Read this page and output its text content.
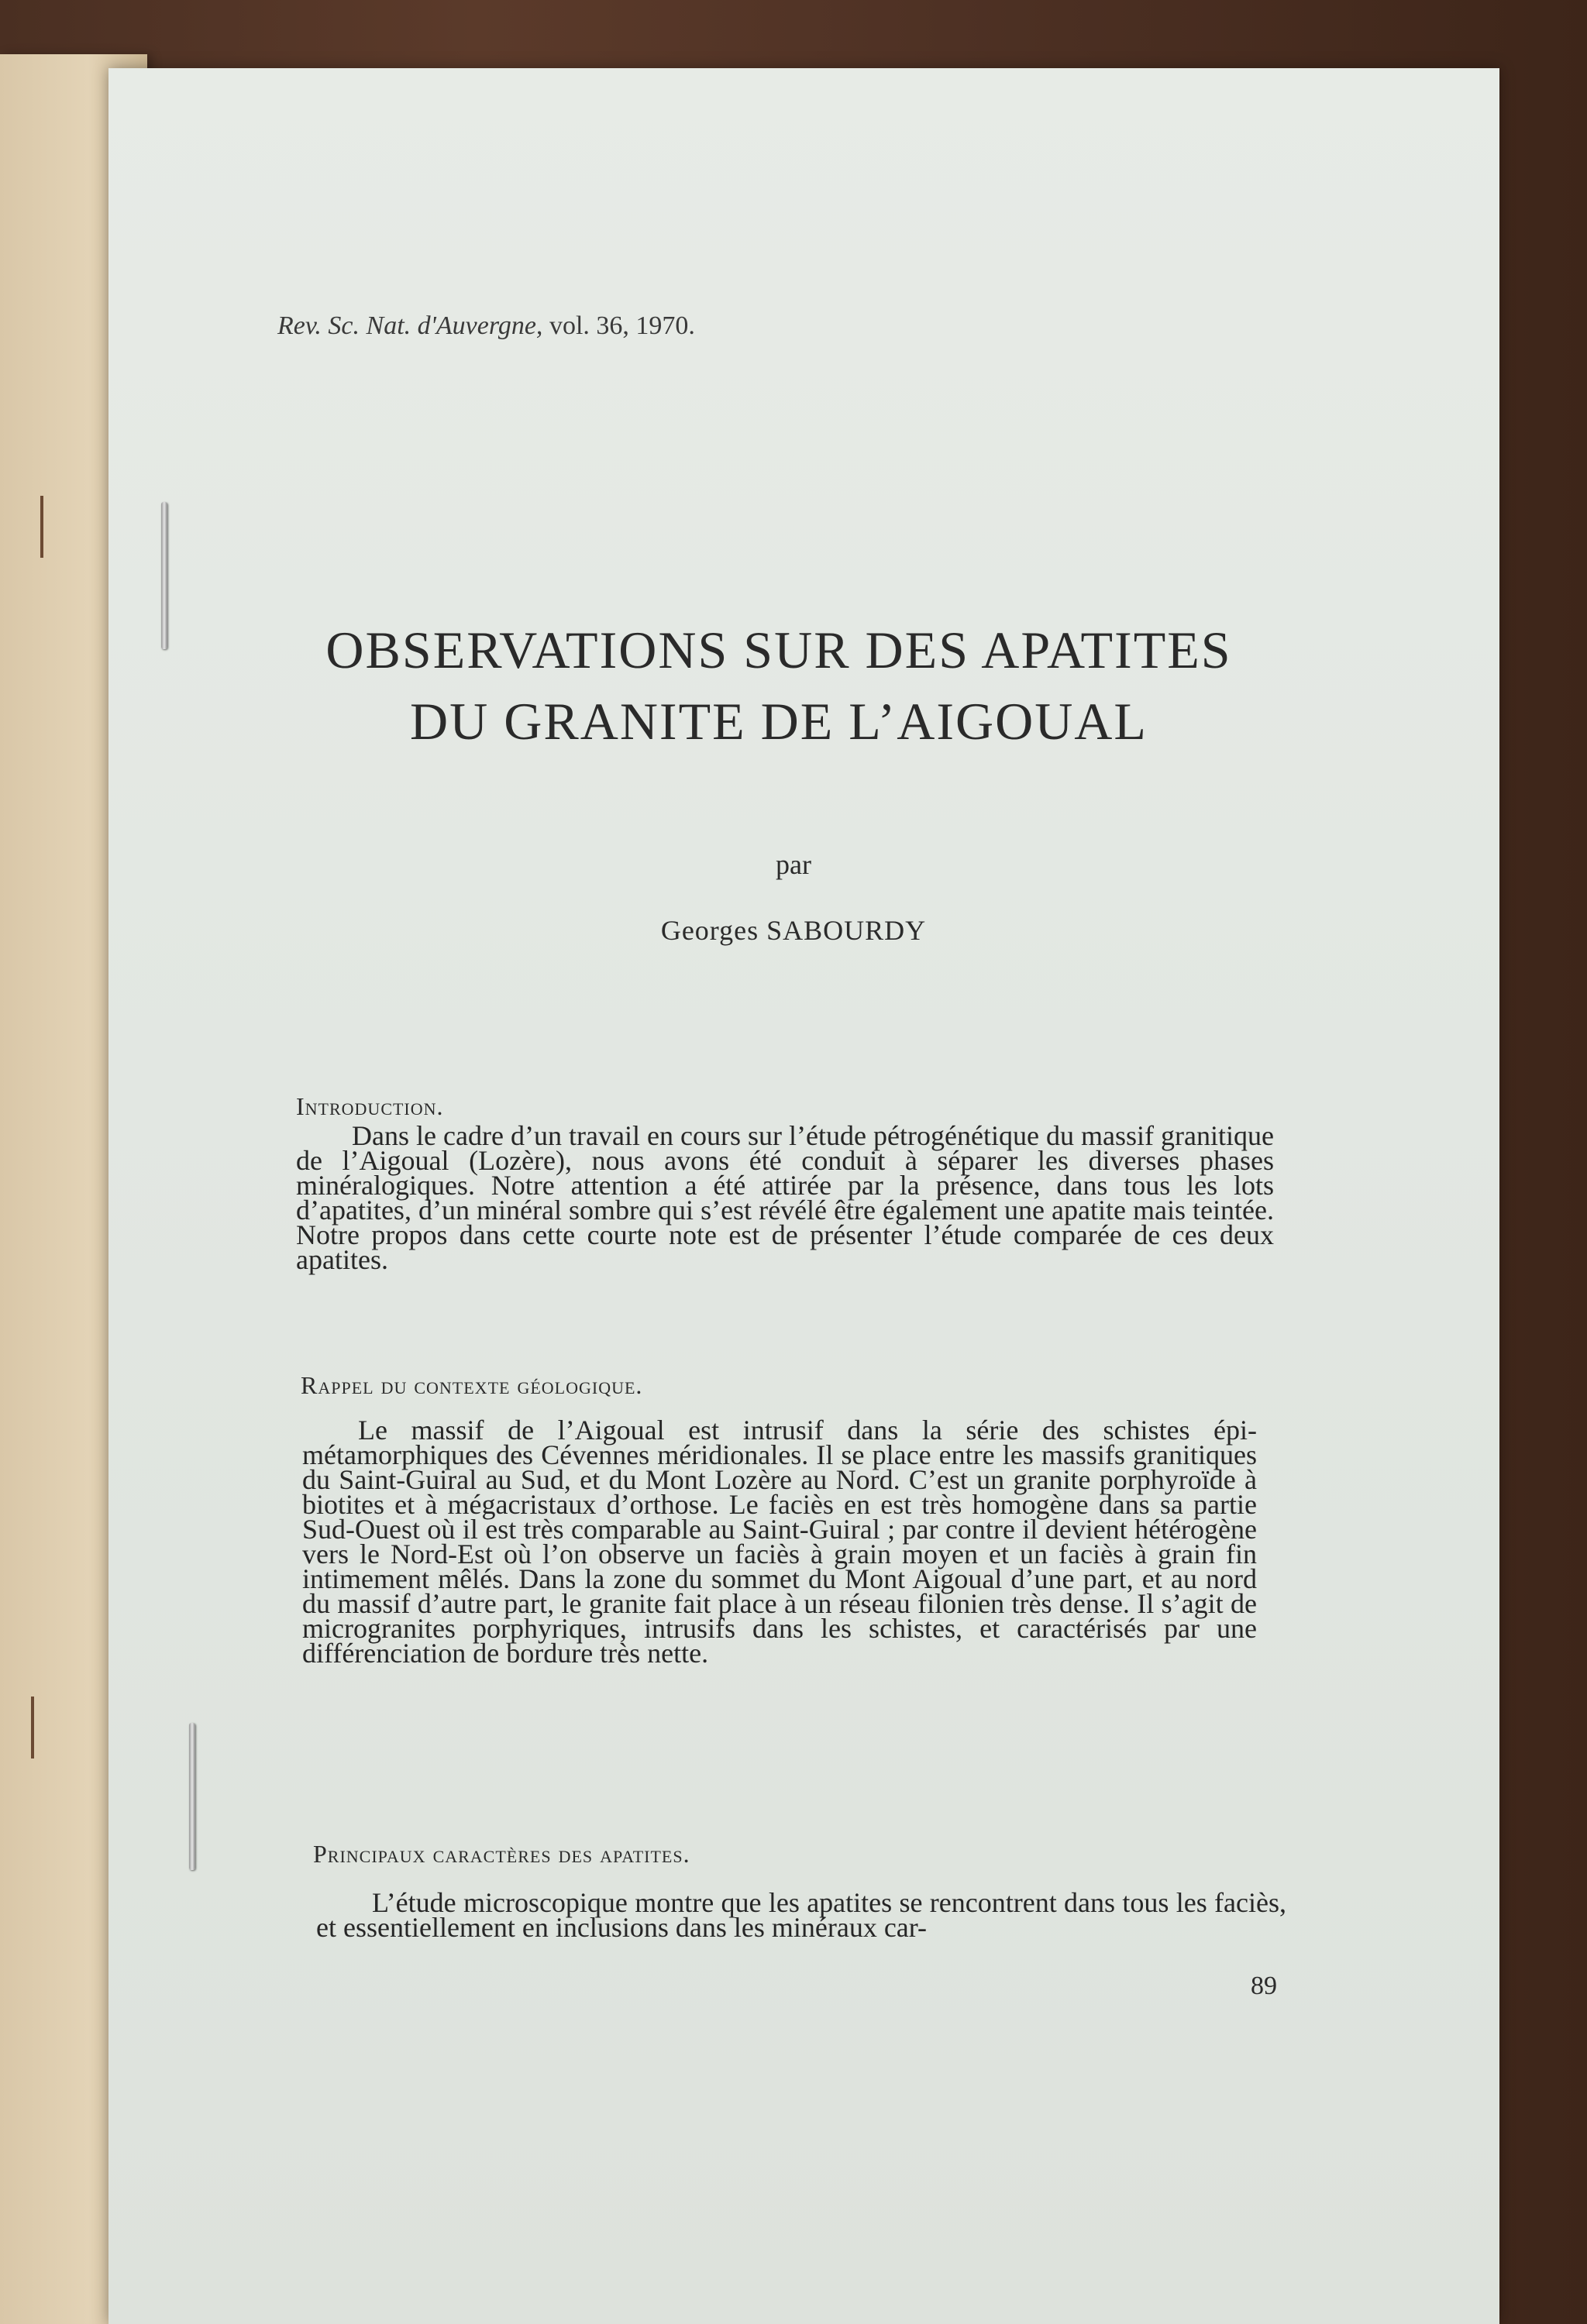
Rev. Sc. Nat. d'Auvergne, vol. 36, 1970.
OBSERVATIONS SUR DES APATITES
DU GRANITE DE L’AIGOUAL
par
Georges SABOURDY
Introduction.

Dans le cadre d’un travail en cours sur l’étude pétrogénétique du massif granitique de l’Aigoual (Lozère), nous avons été conduit à séparer les diverses phases minéralogiques. Notre attention a été attirée par la présence, dans tous les lots d’apatites, d’un minéral sombre qui s’est révélé être également une apatite mais teintée. Notre propos dans cette courte note est de présenter l’étude comparée de ces deux apatites.

Rappel du contexte géologique.

Le massif de l’Aigoual est intrusif dans la série des schistes épi-métamorphiques des Cévennes méridionales. Il se place entre les massifs granitiques du Saint-Guiral au Sud, et du Mont Lozère au Nord. C’est un granite porphyroïde à biotites et à mégacristaux d’orthose. Le faciès en est très homogène dans sa partie Sud-Ouest où il est très comparable au Saint-Guiral ; par contre il devient hétérogène vers le Nord-Est où l’on observe un faciès à grain moyen et un faciès à grain fin intimement mêlés. Dans la zone du sommet du Mont Aigoual d’une part, et au nord du massif d’autre part, le granite fait place à un réseau filonien très dense. Il s’agit de microgranites porphyriques, intrusifs dans les schistes, et caractérisés par une différenciation de bordure très nette.

Principaux caractères des apatites.

L’étude microscopique montre que les apatites se rencontrent dans tous les faciès, et essentiellement en inclusions dans les minéraux car-

89
